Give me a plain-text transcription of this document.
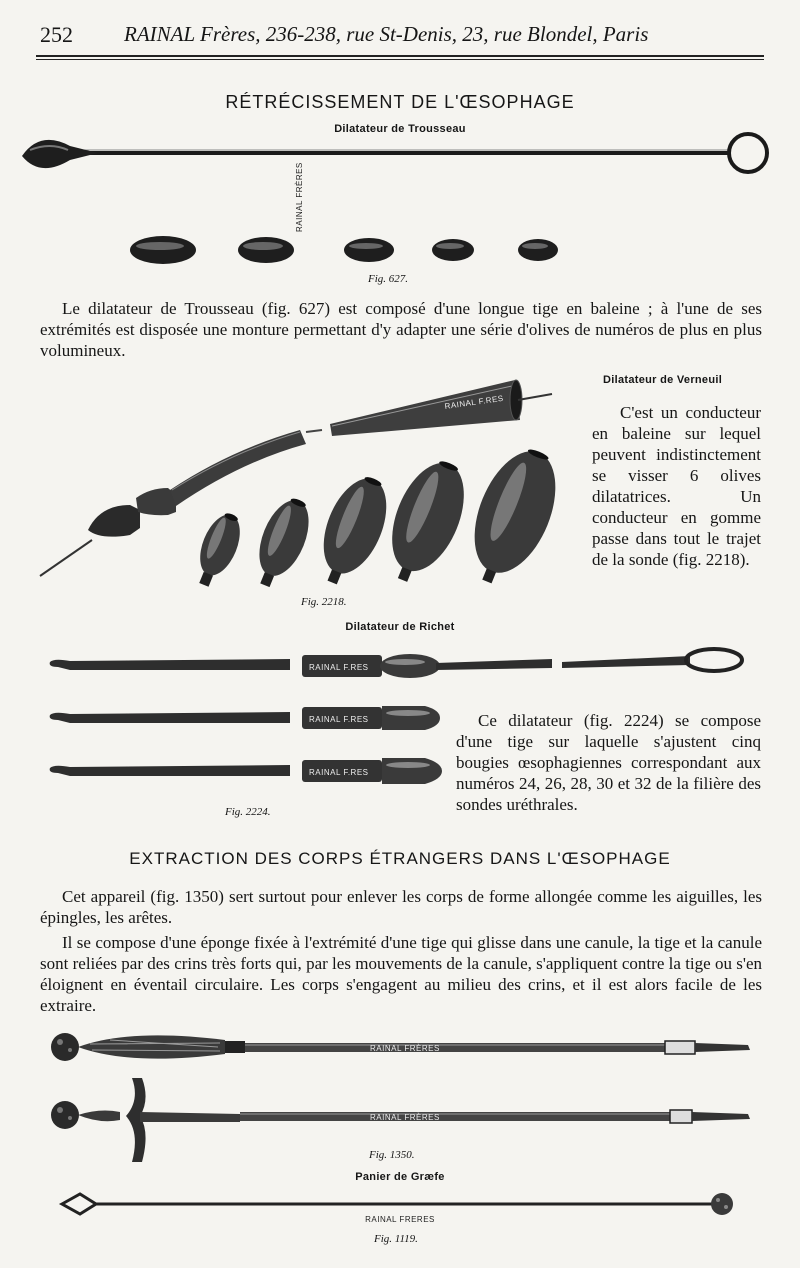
252 RAINAL Frères, 236-238, rue St-Denis, 23, rue Blondel, Paris
RÉTRÉCISSEMENT DE L'ŒSOPHAGE
Dilatateur de Trousseau
RAINAL FRÈRES
Fig. 627.
Le dilatateur de Trousseau (fig. 627) est composé d'une longue tige en baleine ; à l'une de ses extrémités est disposée une monture permettant d'y adapter une série d'olives de numéros de plus en plus volumineux.
Dilatateur de Verneuil
RAINAL F.RES
C'est un conducteur en baleine sur lequel peuvent indistinctement se visser 6 olives dilatatrices. Un conducteur en gomme passe dans tout le trajet de la sonde (fig. 2218).
Fig. 2218.
Dilatateur de Richet
RAINAL F.RES
RAINAL F.RES
RAINAL F.RES
Fig. 2224.
Ce dilatateur (fig. 2224) se compose d'une tige sur laquelle s'ajustent cinq bougies œsophagiennes correspondant aux numéros 24, 26, 28, 30 et 32 de la filière des sondes uréthrales.
EXTRACTION DES CORPS ÉTRANGERS DANS L'ŒSOPHAGE
Cet appareil (fig. 1350) sert surtout pour enlever les corps de forme allongée comme les aiguilles, les épingles, les arêtes.
Il se compose d'une éponge fixée à l'extrémité d'une tige qui glisse dans une canule, la tige et la canule sont reliées par des crins très forts qui, par les mouvements de la canule, s'appliquent contre la tige ou s'en éloignent en éventail circulaire. Les corps s'engagent au milieu des crins, et il est alors facile de les extraire.
RAINAL FRÈRES
RAINAL FRÈRES
Fig. 1350.
Panier de Græfe
RAINAL FRERES
Fig. 1119.
